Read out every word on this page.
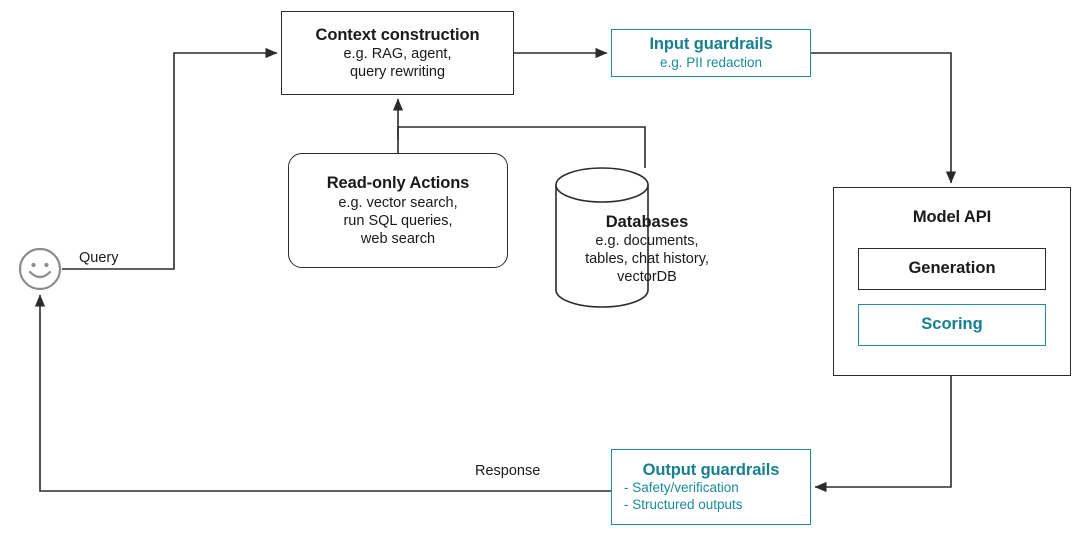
Query
Response
Context construction
e.g. RAG, agent,
query rewriting
Input guardrails
e.g. PII redaction
Read-only Actions
e.g. vector search,
run SQL queries,
web search
Databases
e.g. documents,
tables, chat history,
vectorDB
Model API
Generation
Scoring
Output guardrails
- Safety/verification
- Structured outputs
